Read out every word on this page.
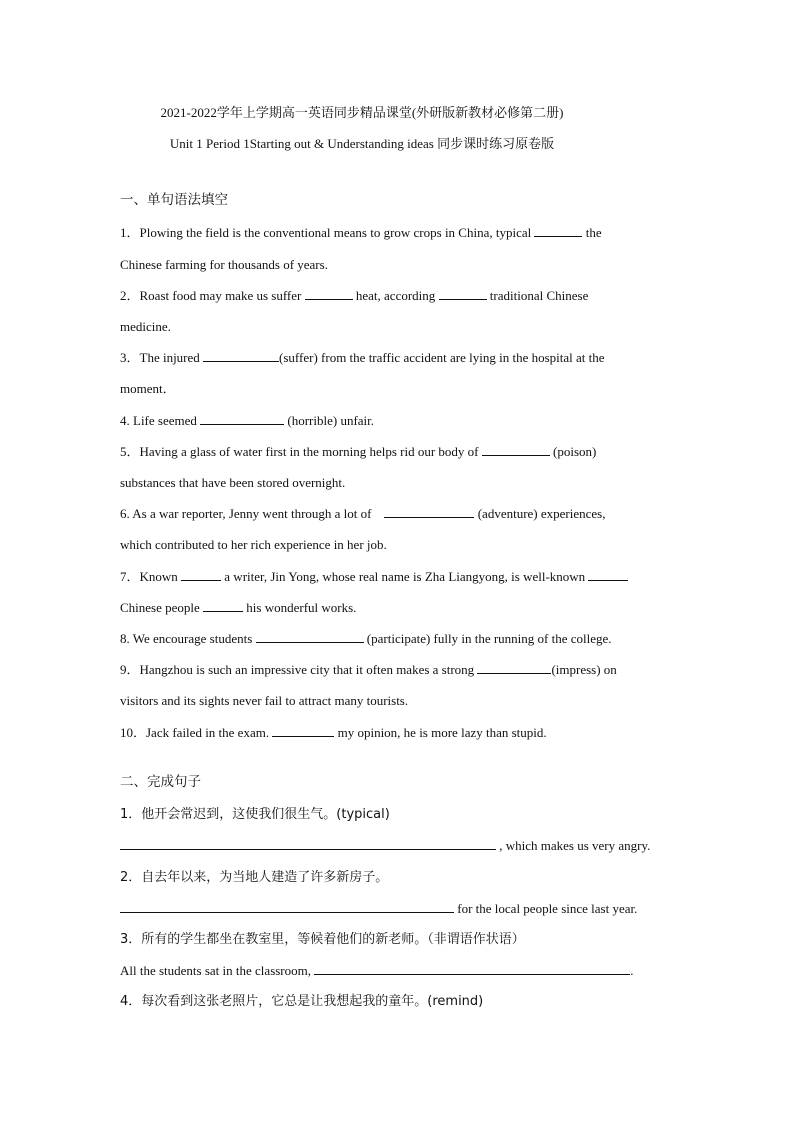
2021-2022学年上学期高一英语同步精品课堂(外研版新教材必修第二册)
Unit 1 Period 1Starting out & Understanding ideas 同步课时练习原卷版
一、单句语法填空
1．Plowing the field is the conventional means to grow crops in China, typical	the
Chinese farming for thousands of years.
2．Roast food may make us suffer	heat, according	traditional Chinese
medicine.
3．The injured	(suffer) from the traffic accident are lying in the hospital at the
moment．
4. Life seemed	(horrible) unfair.
5．Having a glass of water first in the morning helps rid our body of	(poison)
substances that have been stored overnight.
6. As a war reporter, Jenny went through a lot of	(adventure) experiences,
which contributed to her rich experience in her job.
7．Known	a writer, Jin Yong, whose real name is Zha Liangyong, is well-known
Chinese people	his wonderful works.
8. We encourage students	(participate) fully in the running of the college.
9．Hangzhou is such an impressive city that it often makes a strong	(impress) on
visitors and its sights never fail to attract many tourists.
10．Jack failed in the exam.	my opinion, he is more lazy than stupid.
二、完成句子
1．他开会常迟到，这使我们很生气。(typical)
, which makes us very angry.
2．自去年以来，为当地人建造了许多新房子。
for the local people since last year.
3．所有的学生都坐在教室里，等候着他们的新老师。（非谓语作状语）
All the students sat in the classroom,	.
4．每次看到这张老照片，它总是让我想起我的童年。(remind)
